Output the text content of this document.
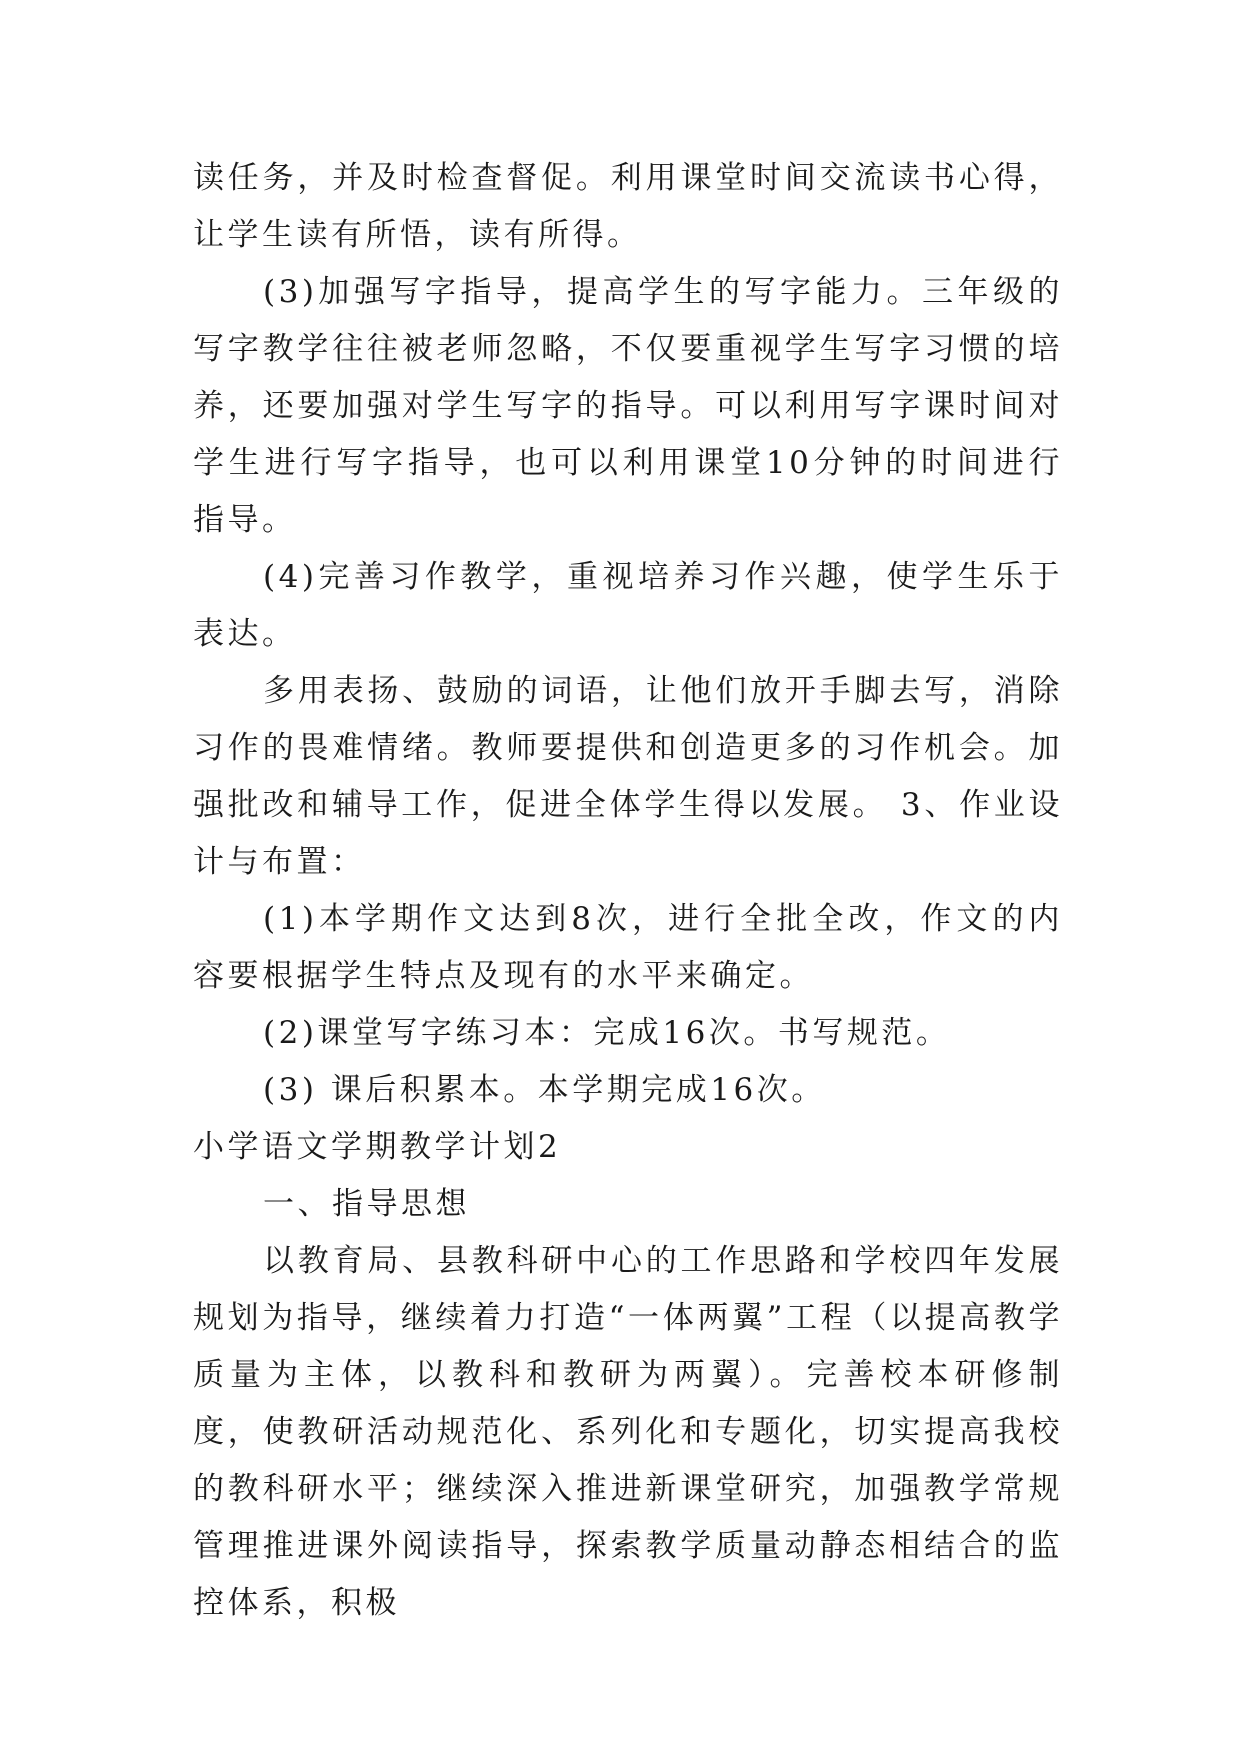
读任务，并及时检查督促。利用课堂时间交流读书心得，让学生读有所悟，读有所得。

(3)加强写字指导，提高学生的写字能力。三年级的写字教学往往被老师忽略，不仅要重视学生写字习惯的培养，还要加强对学生写字的指导。可以利用写字课时间对学生进行写字指导，也可以利用课堂10分钟的时间进行指导。

(4)完善习作教学，重视培养习作兴趣，使学生乐于表达。

多用表扬、鼓励的词语，让他们放开手脚去写，消除习作的畏难情绪。教师要提供和创造更多的习作机会。加强批改和辅导工作，促进全体学生得以发展。 3、作业设计与布置：

(1)本学期作文达到8次，进行全批全改，作文的内容要根据学生特点及现有的水平来确定。

(2)课堂写字练习本：完成16次。书写规范。

(3) 课后积累本。本学期完成16次。

小学语文学期教学计划2

一、指导思想

以教育局、县教科研中心的工作思路和学校四年发展规划为指导，继续着力打造“一体两翼”工程（以提高教学质量为主体，以教科和教研为两翼）。完善校本研修制度，使教研活动规范化、系列化和专题化，切实提高我校的教科研水平；继续深入推进新课堂研究，加强教学常规管理推进课外阅读指导，探索教学质量动静态相结合的监控体系，积极
